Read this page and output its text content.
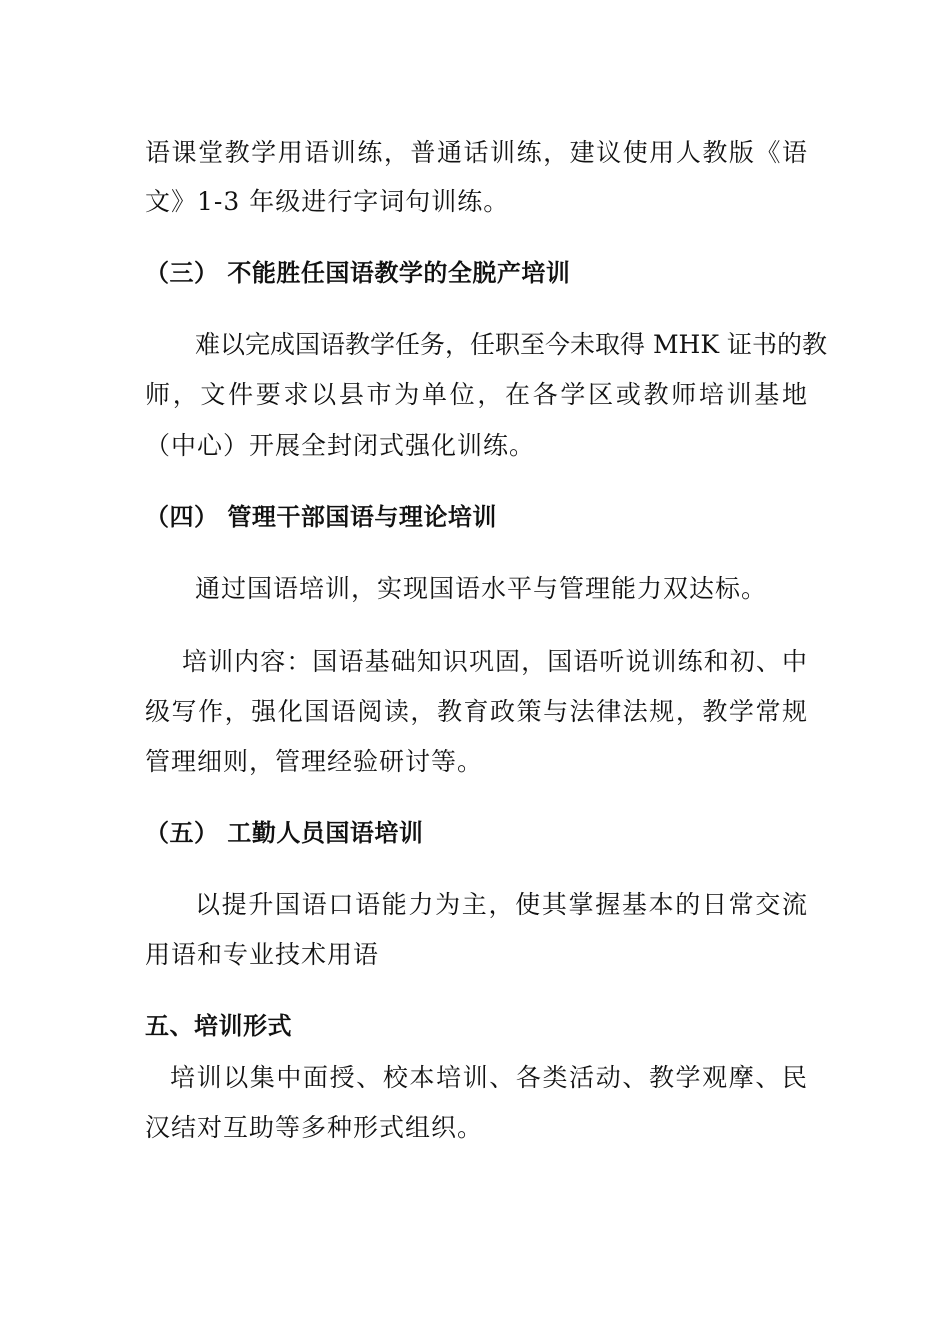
语课堂教学用语训练，普通话训练，建议使用人教版《语
文》1-3 年级进行字词句训练。
（三） 不能胜任国语教学的全脱产培训
难以完成国语教学任务，任职至今未取得 MHK 证书的教
师，文件要求以县市为单位，在各学区或教师培训基地
（中心）开展全封闭式强化训练。
（四） 管理干部国语与理论培训
通过国语培训，实现国语水平与管理能力双达标。
培训内容：国语基础知识巩固，国语听说训练和初、中
级写作，强化国语阅读，教育政策与法律法规，教学常规
管理细则，管理经验研讨等。
（五） 工勤人员国语培训
以提升国语口语能力为主，使其掌握基本的日常交流
用语和专业技术用语
五、培训形式
培训以集中面授、校本培训、各类活动、教学观摩、民
汉结对互助等多种形式组织。
